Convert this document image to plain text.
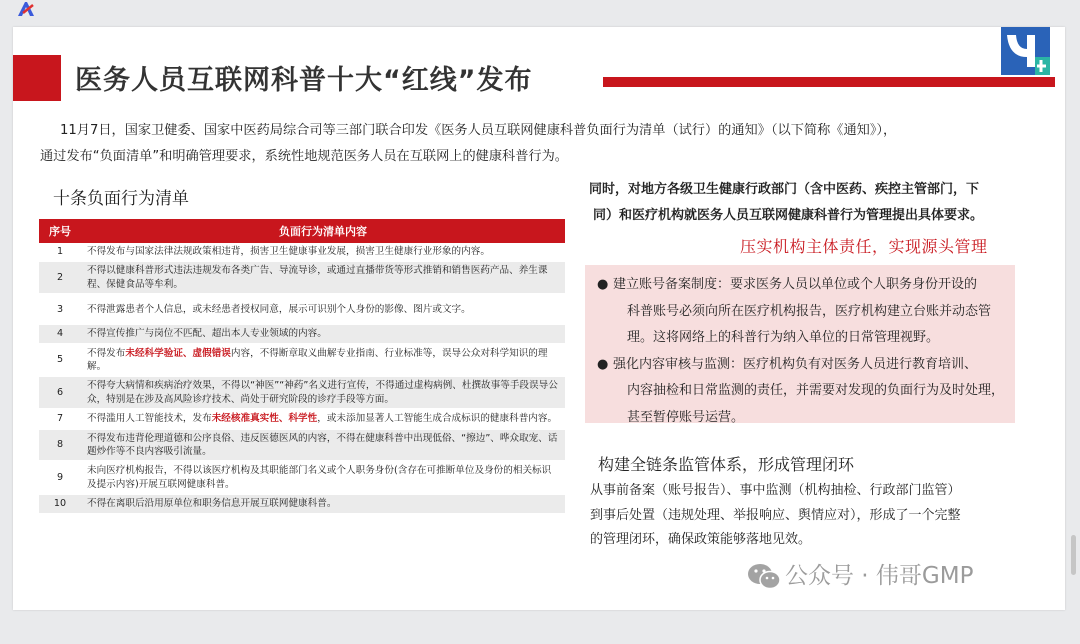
医务人员互联网科普十大“红线”发布
11月7日，国家卫健委、国家中医药局综合司等三部门联合印发《医务人员互联网健康科普负面行为清单（试行）的通知》（以下简称《通知》），
通过发布“负面清单”和明确管理要求，系统性地规范医务人员在互联网上的健康科普行为。
十条负面行为清单
序号	负面行为清单内容
1	不得发布与国家法律法规政策相违背，损害卫生健康事业发展，损害卫生健康行业形象的内容。
2	不得以健康科普形式违法违规发布各类广告、导流导诊，或通过直播带货等形式推销和销售医药产品、养生课程、保健食品等牟利。
3	不得泄露患者个人信息，或未经患者授权同意，展示可识别个人身份的影像、图片或文字。
4	不得宣传推广与岗位不匹配、超出本人专业领域的内容。
5	不得发布未经科学验证、虚假错误内容，不得断章取义曲解专业指南、行业标准等，误导公众对科学知识的理解。
6	不得夸大病情和疾病治疗效果，不得以“神医”“神药”名义进行宣传，不得通过虚构病例、杜撰故事等手段误导公众，特别是在涉及高风险诊疗技术、尚处于研究阶段的诊疗手段等方面。
7	不得滥用人工智能技术，发布未经核准真实性、科学性，或未添加显著人工智能生成合成标识的健康科普内容。
8	不得发布违背伦理道德和公序良俗、违反医德医风的内容，不得在健康科普中出现低俗、“擦边”、哗众取宠、话题炒作等不良内容吸引流量。
9	未向医疗机构报告，不得以该医疗机构及其职能部门名义或个人职务身份(含存在可推断单位及身份的相关标识及提示内容)开展互联网健康科普。
10	不得在离职后沿用原单位和职务信息开展互联网健康科普。
同时，对地方各级卫生健康行政部门（含中医药、疾控主管部门，下
同）和医疗机构就医务人员互联网健康科普行为管理提出具体要求。
压实机构主体责任，实现源头管理
● 建立账号备案制度：要求医务人员以单位或个人职务身份开设的
科普账号必须向所在医疗机构报告，医疗机构建立台账并动态管
理。这将网络上的科普行为纳入单位的日常管理视野。
● 强化内容审核与监测：医疗机构负有对医务人员进行教育培训、
内容抽检和日常监测的责任，并需要对发现的负面行为及时处理，
甚至暂停账号运营。
构建全链条监管体系，形成管理闭环
从事前备案（账号报告）、事中监测（机构抽检、行政部门监管）
到事后处置（违规处理、举报响应、舆情应对），形成了一个完整
的管理闭环，确保政策能够落地见效。
公众号 · 伟哥GMP
